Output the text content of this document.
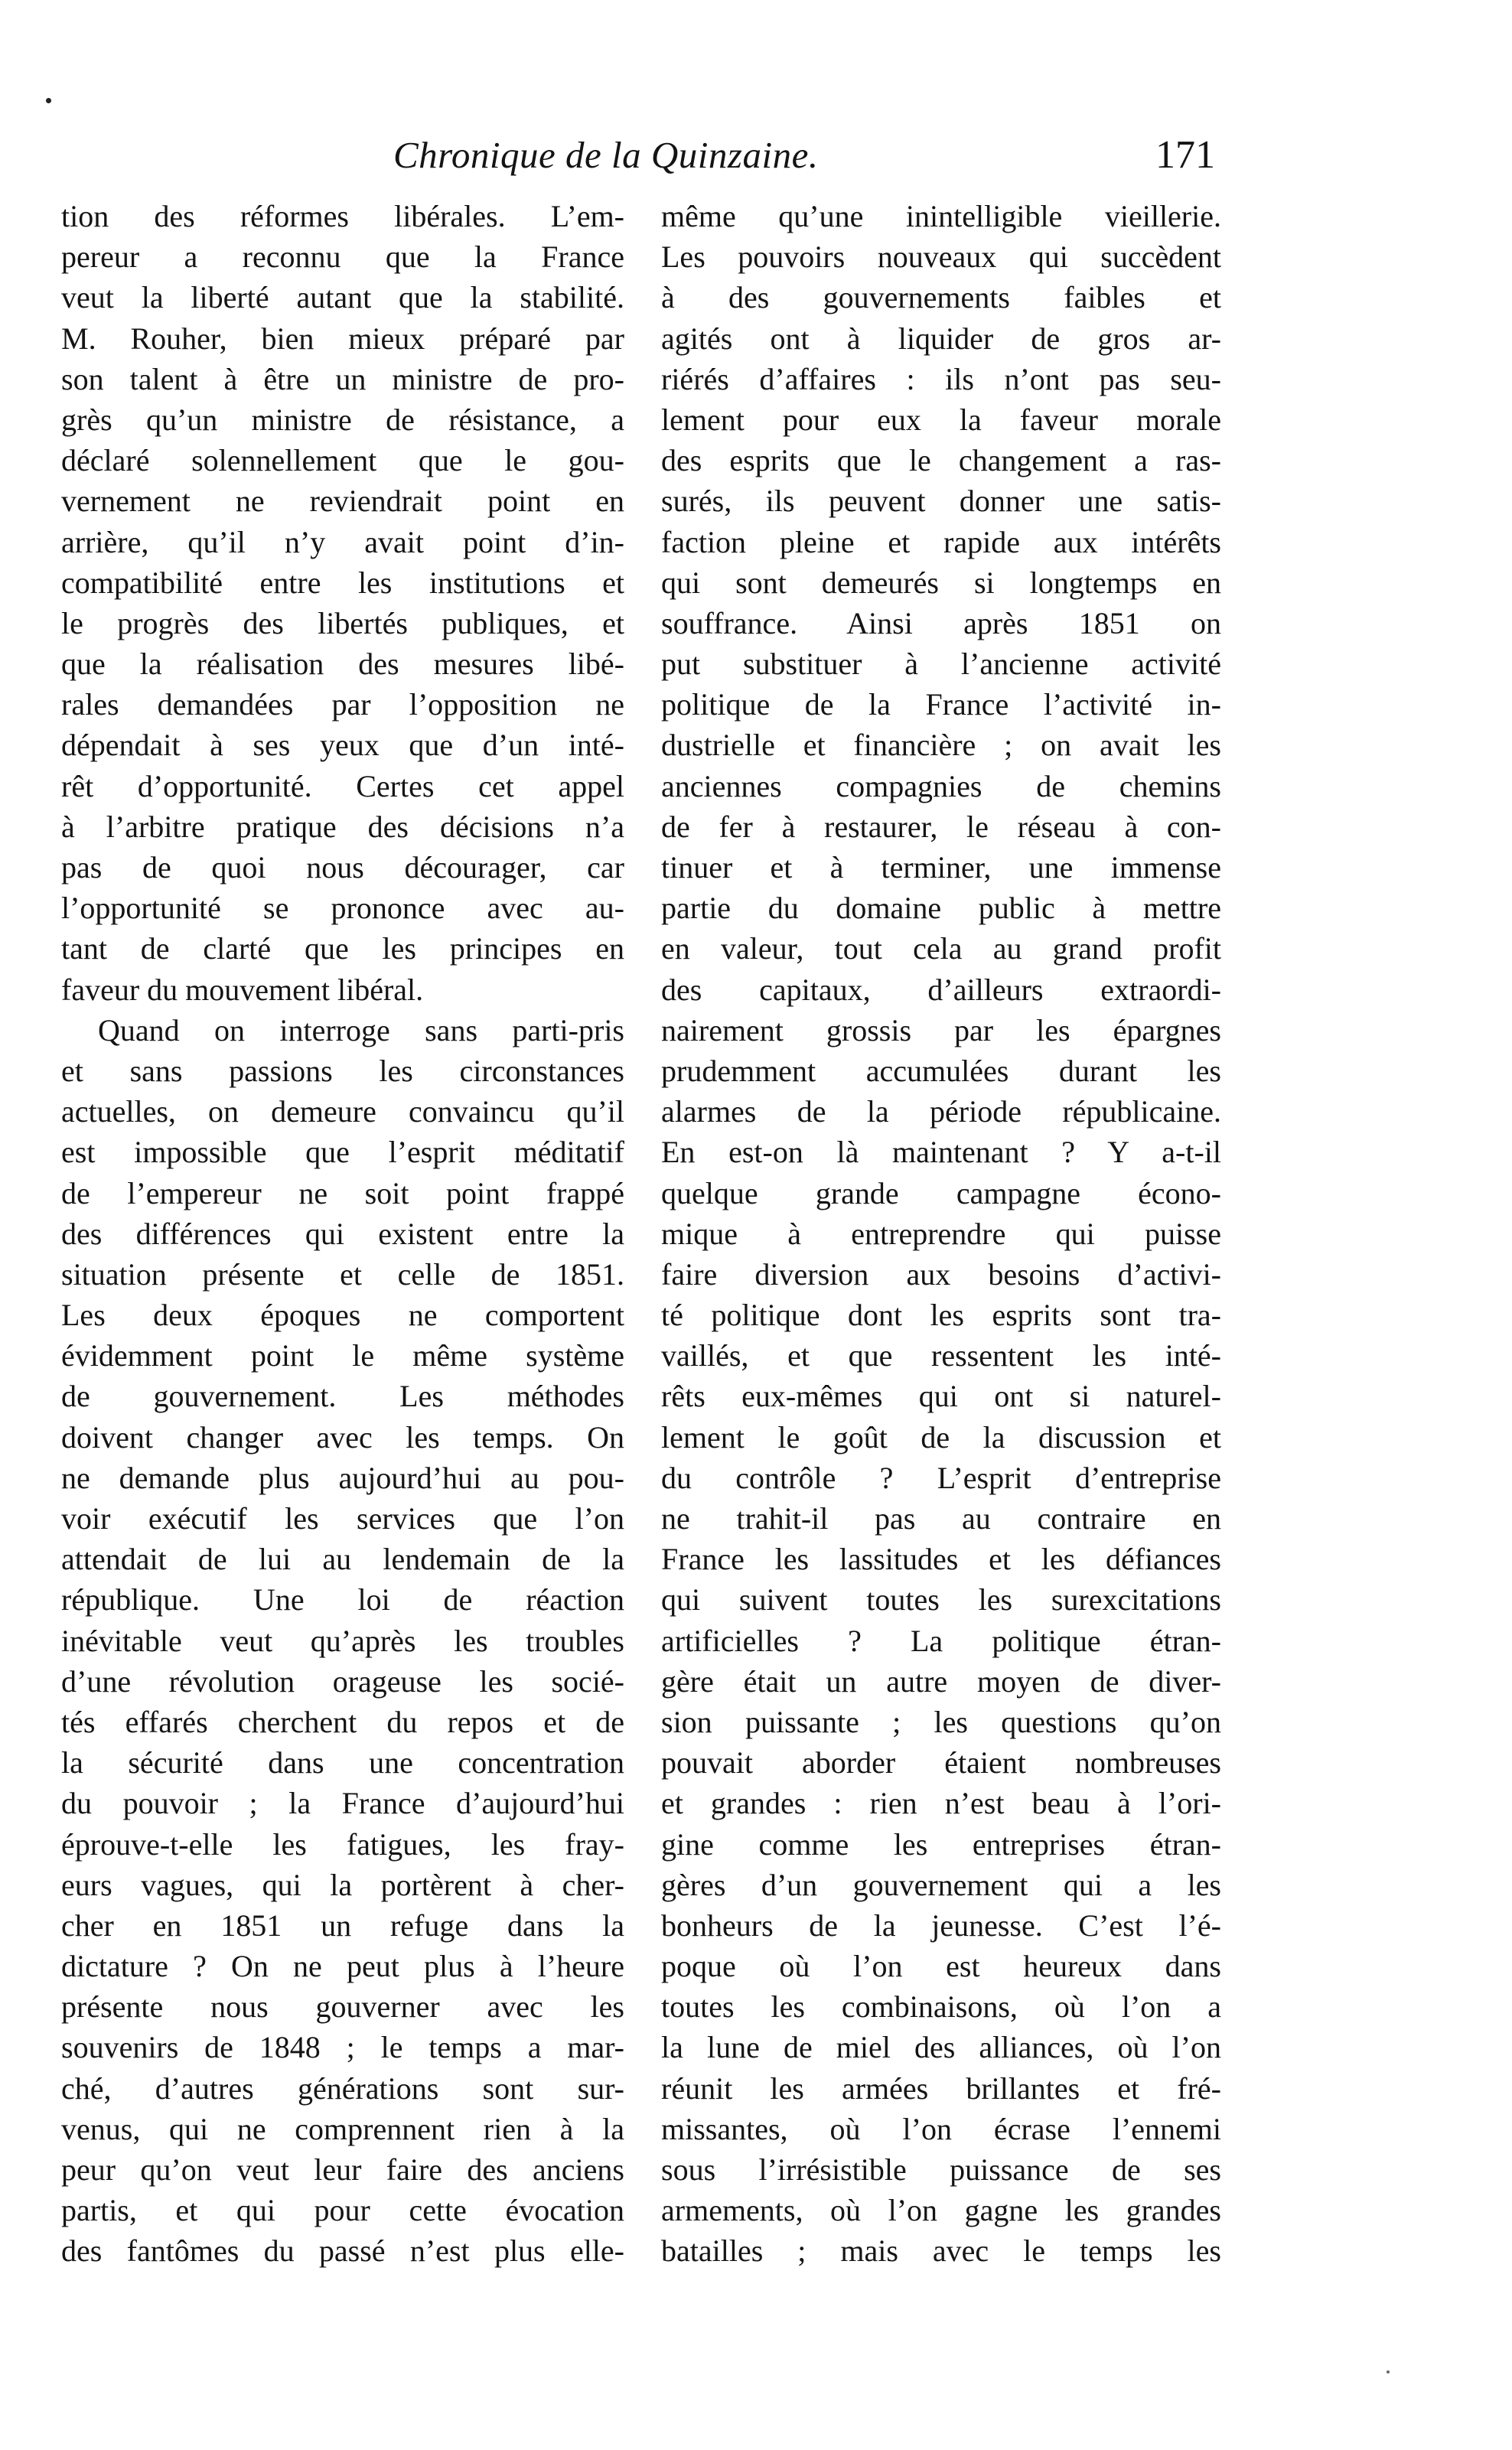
Chronique de la Quinzaine.	171
tion des réformes libérales. L’em-
pereur a reconnu que la France
veut la liberté autant que la stabilité.
M. Rouher, bien mieux préparé par
son talent à être un ministre de pro-
grès qu’un ministre de résistance, a
déclaré solennellement que le gou-
vernement ne reviendrait point en
arrière, qu’il n’y avait point d’in-
compatibilité entre les institutions et
le progrès des libertés publiques, et
que la réalisation des mesures libé-
rales demandées par l’opposition ne
dépendait à ses yeux que d’un inté-
rêt d’opportunité. Certes cet appel
à l’arbitre pratique des décisions n’a
pas de quoi nous décourager, car
l’opportunité se prononce avec au-
tant de clarté que les principes en
faveur du mouvement libéral.
Quand on interroge sans parti-pris
et sans passions les circonstances
actuelles, on demeure convaincu qu’il
est impossible que l’esprit méditatif
de l’empereur ne soit point frappé
des différences qui existent entre la
situation présente et celle de 1851.
Les deux époques ne comportent
évidemment point le même système
de gouvernement. Les méthodes
doivent changer avec les temps. On
ne demande plus aujourd’hui au pou-
voir exécutif les services que l’on
attendait de lui au lendemain de la
république. Une loi de réaction
inévitable veut qu’après les troubles
d’une révolution orageuse les socié-
tés effarés cherchent du repos et de
la sécurité dans une concentration
du pouvoir ; la France d’aujourd’hui
éprouve-t-elle les fatigues, les fray-
eurs vagues, qui la portèrent à cher-
cher en 1851 un refuge dans la
dictature ? On ne peut plus à l’heure
présente nous gouverner avec les
souvenirs de 1848 ; le temps a mar-
ché, d’autres générations sont sur-
venus, qui ne comprennent rien à la
peur qu’on veut leur faire des anciens
partis, et qui pour cette évocation
des fantômes du passé n’est plus elle-
même qu’une inintelligible vieillerie.
Les pouvoirs nouveaux qui succèdent
à des gouvernements faibles et
agités ont à liquider de gros ar-
riérés d’affaires : ils n’ont pas seu-
lement pour eux la faveur morale
des esprits que le changement a ras-
surés, ils peuvent donner une satis-
faction pleine et rapide aux intérêts
qui sont demeurés si longtemps en
souffrance. Ainsi après 1851 on
put substituer à l’ancienne activité
politique de la France l’activité in-
dustrielle et financière ; on avait les
anciennes compagnies de chemins
de fer à restaurer, le réseau à con-
tinuer et à terminer, une immense
partie du domaine public à mettre
en valeur, tout cela au grand profit
des capitaux, d’ailleurs extraordi-
nairement grossis par les épargnes
prudemment accumulées durant les
alarmes de la période républicaine.
En est-on là maintenant ? Y a-t-il
quelque grande campagne écono-
mique à entreprendre qui puisse
faire diversion aux besoins d’activi-
té politique dont les esprits sont tra-
vaillés, et que ressentent les inté-
rêts eux-mêmes qui ont si naturel-
lement le goût de la discussion et
du contrôle ? L’esprit d’entreprise
ne trahit-il pas au contraire en
France les lassitudes et les défiances
qui suivent toutes les surexcitations
artificielles ? La politique étran-
gère était un autre moyen de diver-
sion puissante ; les questions qu’on
pouvait aborder étaient nombreuses
et grandes : rien n’est beau à l’ori-
gine comme les entreprises étran-
gères d’un gouvernement qui a les
bonheurs de la jeunesse. C’est l’é-
poque où l’on est heureux dans
toutes les combinaisons, où l’on a
la lune de miel des alliances, où l’on
réunit les armées brillantes et fré-
missantes, où l’on écrase l’ennemi
sous l’irrésistible puissance de ses
armements, où l’on gagne les grandes
batailles ; mais avec le temps les
